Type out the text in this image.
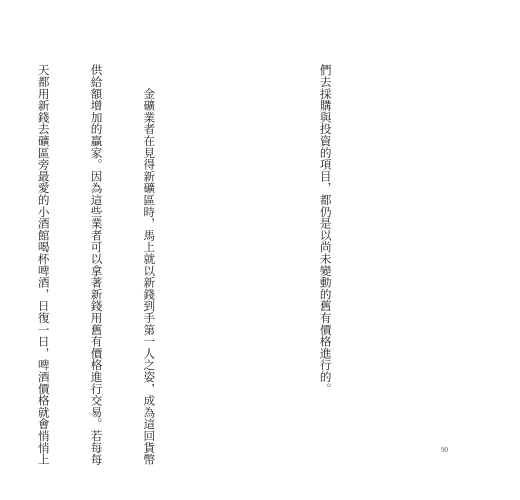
們去採購與投資的項目，都仍是以尚未變動的舊有價格進行的。

　　金礦業者在見得新礦區時，馬上就以新錢到手第一人之姿，成為這回貨幣

供給額增加的贏家。因為這些業者可以拿著新錢用舊有價格進行交易。若每每

天都用新錢去礦區旁最愛的小酒館喝杯啤酒，日復一日，啤酒價格就會悄悄上

	90
